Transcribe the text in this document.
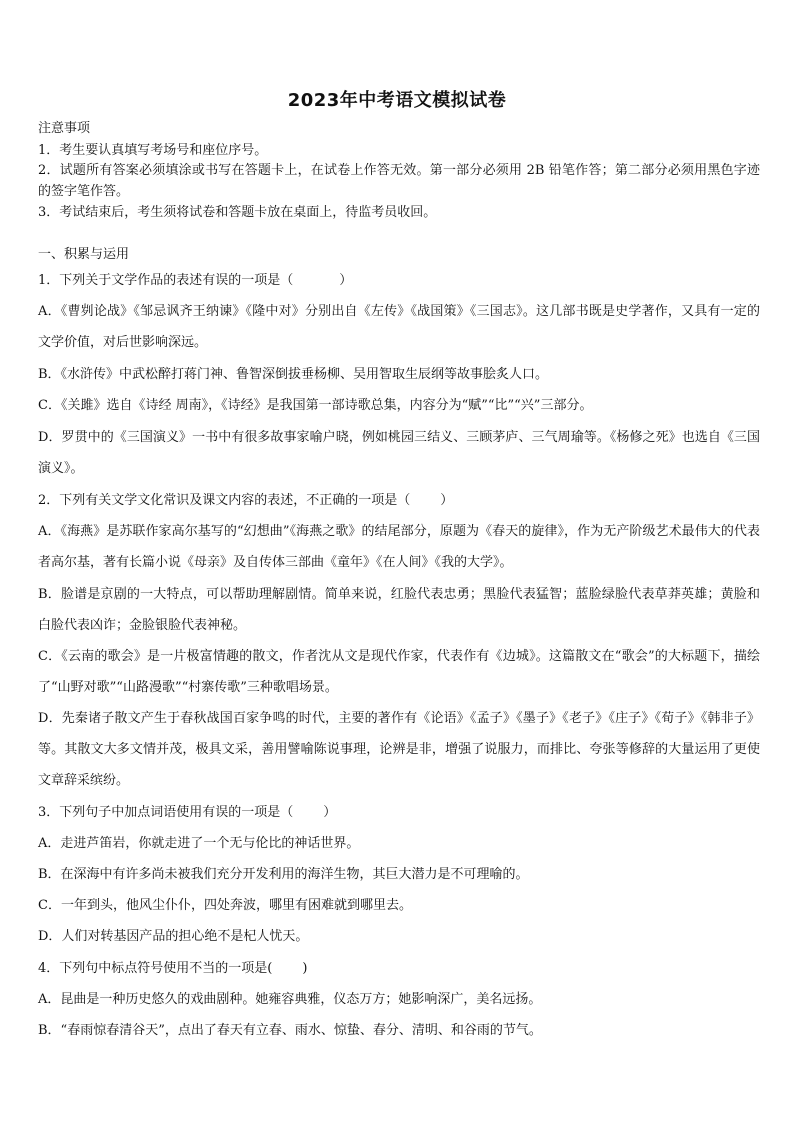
2023年中考语文模拟试卷
注意事项
1．考生要认真填写考场号和座位序号。
2．试题所有答案必须填涂或书写在答题卡上，在试卷上作答无效。第一部分必须用 2B 铅笔作答；第二部分必须用黑色字迹的签字笔作答。
3．考试结束后，考生须将试卷和答题卡放在桌面上，待监考员收回。
一、积累与运用
1．下列关于文学作品的表述有误的一项是（	）
A．《曹刿论战》《邹忌讽齐王纳谏》《隆中对》分别出自《左传》《战国策》《三国志》。这几部书既是史学著作，又具有一定的文学价值，对后世影响深远。
B．《水浒传》中武松醉打蒋门神、鲁智深倒拔垂杨柳、吴用智取生辰纲等故事脍炙人口。
C．《关雎》选自《诗经 周南》，《诗经》是我国第一部诗歌总集，内容分为“赋”“比”“兴”三部分。
D．罗贯中的《三国演义》一书中有很多故事家喻户晓，例如桃园三结义、三顾茅庐、三气周瑜等。《杨修之死》也选自《三国演义》。
2．下列有关文学文化常识及课文内容的表述，不正确的一项是（ ）
A．《海燕》是苏联作家高尔基写的“幻想曲”《海燕之歌》的结尾部分，原题为《春天的旋律》，作为无产阶级艺术最伟大的代表者高尔基，著有长篇小说《母亲》及自传体三部曲《童年》《在人间》《我的大学》。
B．脸谱是京剧的一大特点，可以帮助理解剧情。简单来说，红脸代表忠勇；黑脸代表猛智；蓝脸绿脸代表草莽英雄；黄脸和白脸代表凶诈；金脸银脸代表神秘。
C．《云南的歌会》是一片极富情趣的散文，作者沈从文是现代作家，代表作有《边城》。这篇散文在“歌会”的大标题下，描绘了“山野对歌”“山路漫歌”“村寨传歌”三种歌唱场景。
D．先秦诸子散文产生于春秋战国百家争鸣的时代，主要的著作有《论语》《孟子》《墨子》《老子》《庄子》《荀子》《韩非子》等。其散文大多文情并茂，极具文采，善用譬喻陈说事理，论辨是非，增强了说服力，而排比、夸张等修辞的大量运用了更使文章辞采缤纷。
3．下列句子中加点词语使用有误的一项是（ ）
A．走进芦笛岩，你就走进了一个无与伦比的神话世界。
B．在深海中有许多尚未被我们充分开发利用的海洋生物，其巨大潜力是不可理喻的。
C．一年到头，他风尘仆仆，四处奔波，哪里有困难就到哪里去。
D．人们对转基因产品的担心绝不是杞人忧天。
4．下列句中标点符号使用不当的一项是( )
A．昆曲是一种历史悠久的戏曲剧种。她雍容典雅，仪态万方；她影响深广，美名远扬。
B．“春雨惊春清谷天”，点出了春天有立春、雨水、惊蛰、春分、清明、和谷雨的节气。
